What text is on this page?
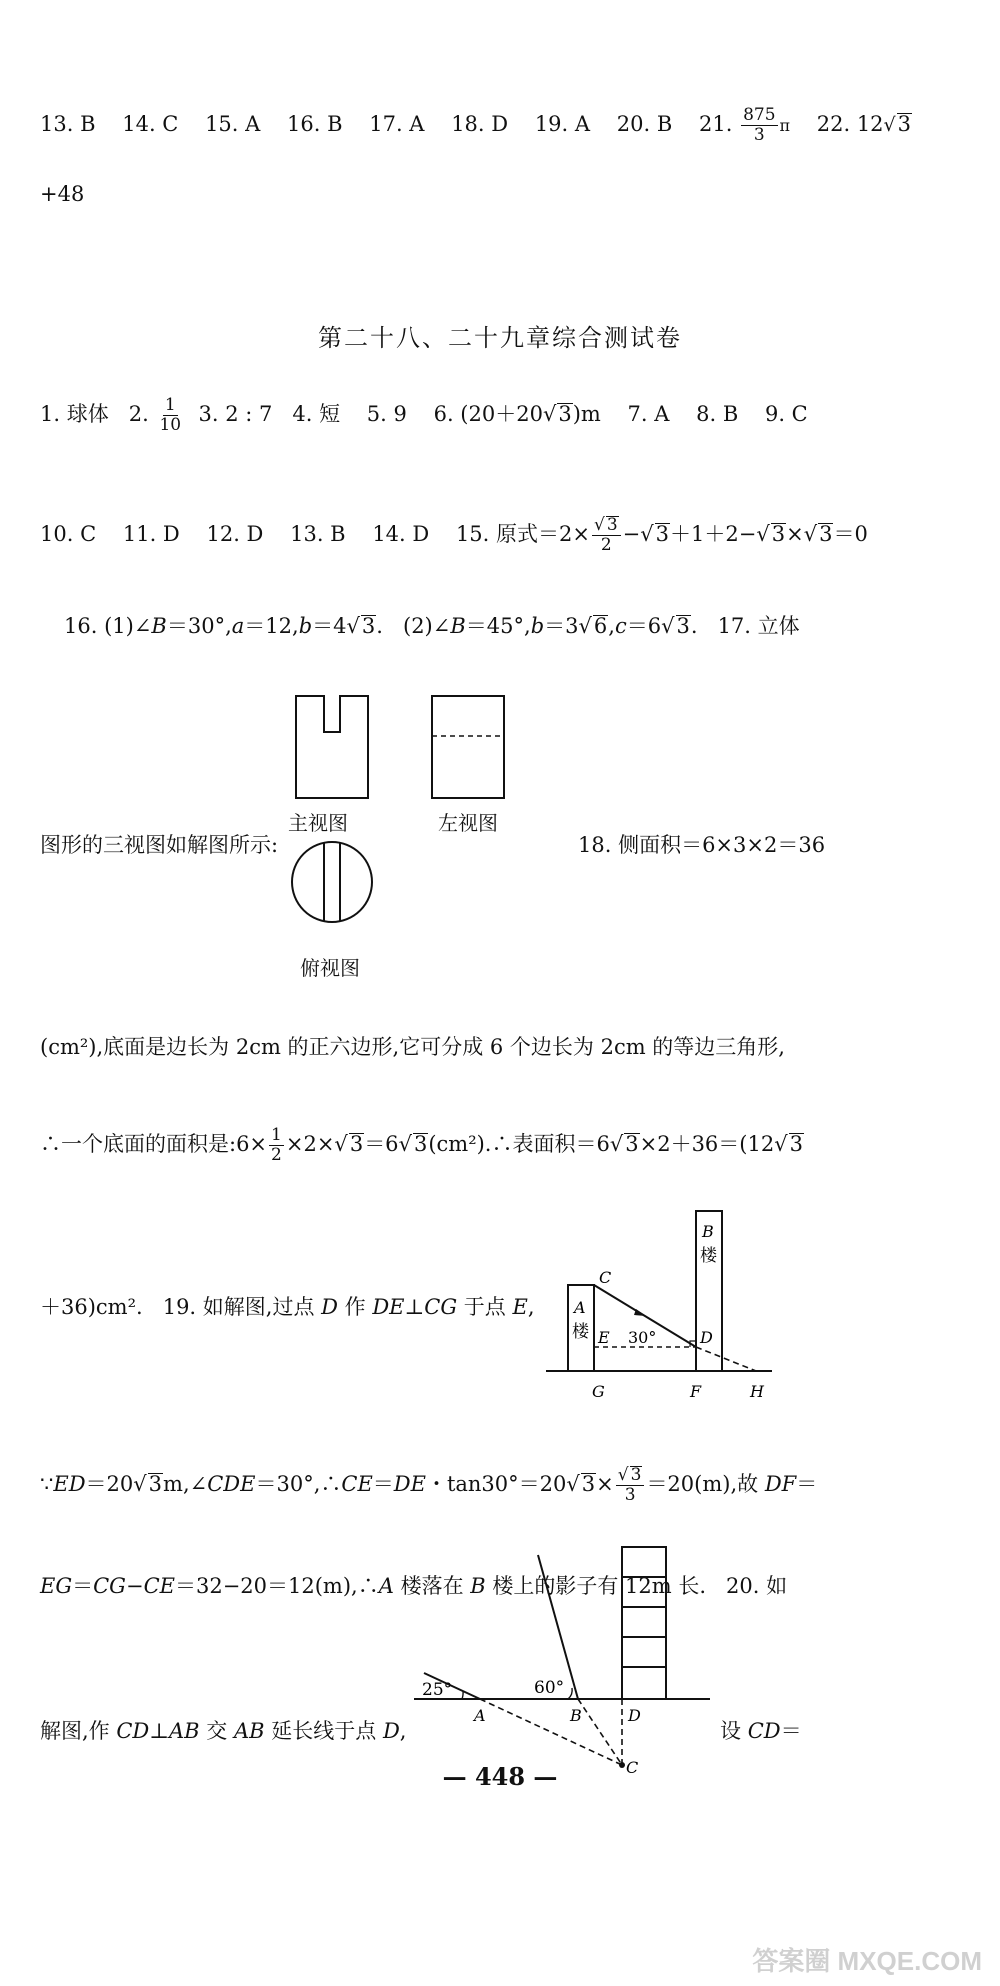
13. B 14. C 15. A 16. B 17. A 18. D 19. A 20. B 21. $\frac{875}{3}$ π 22. 12√3
+48
第二十八、二十九章综合测试卷
1. 球体 2. $\frac{1}{10} 3$. 2 : 7 4. 短 5. 9 6. (20＋20√3)m 7. A 8. B 9. C
10. C 11. D 12. D 13. B 14. D 15. 原式$=2\times \frac{√ 3}{2} -√3+1+2-√3\times√3=0$
16. (1)∠B＝30°,a＝12,b＝4√3.   (2)∠B＝45°,b＝3√6,c＝6√3.   17. 立体
主视图	左视图
俯视图
图形的三视图如解图所示:	18. 侧面积＝6×3×2＝36
(cm²),底面是边长为 2cm 的正六边形,它可分成 6 个边长为 2cm 的等边三角形,
∴一个底面的面积是:6× $\frac{1}{2}$ ×2×√3＝6√3(cm²).∴表面积＝6√3×2＋36＝(12√3
＋36)cm².   19. 如解图,过点 D 作 DE⊥CG 于点 E, A
楼
B
楼
C
E 30°	D
G	F	H
∵ED＝20√3m,∠CDE＝30°,∴CE＝DE・$\tan 30^\circ=20√3\times \frac{√ 3}{3} =20(m)$,故 DF＝
EG＝CG−CE＝32−20＝12(m),∴A 楼落在 B 楼上的影子有 12m 长.   20. 如
解图,作 CD⊥AB 交 AB 延长线于点 D,	设 CD＝
25°	60°
A	B	D
C
— 448 —
答案圈 MXQE.COM
